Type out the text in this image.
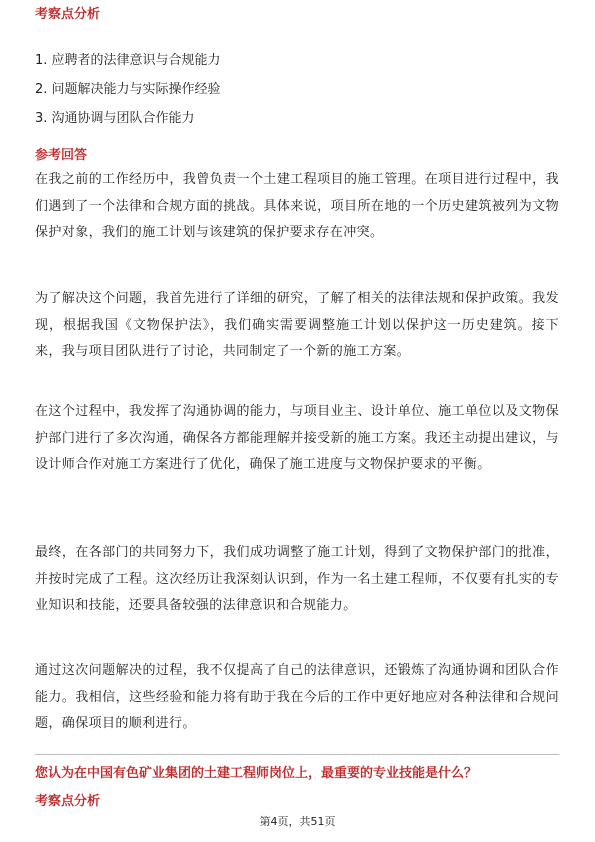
考察点分析
1. 应聘者的法律意识与合规能力
2. 问题解决能力与实际操作经验
3. 沟通协调与团队合作能力
参考回答
在我之前的工作经历中，我曾负责一个土建工程项目的施工管理。在项目进行过程中，我们遇到了一个法律和合规方面的挑战。具体来说，项目所在地的一个历史建筑被列为文物保护对象，我们的施工计划与该建筑的保护要求存在冲突。
为了解决这个问题，我首先进行了详细的研究，了解了相关的法律法规和保护政策。我发现，根据我国《文物保护法》，我们确实需要调整施工计划以保护这一历史建筑。接下来，我与项目团队进行了讨论，共同制定了一个新的施工方案。
在这个过程中，我发挥了沟通协调的能力，与项目业主、设计单位、施工单位以及文物保护部门进行了多次沟通，确保各方都能理解并接受新的施工方案。我还主动提出建议，与设计师合作对施工方案进行了优化，确保了施工进度与文物保护要求的平衡。
最终，在各部门的共同努力下，我们成功调整了施工计划，得到了文物保护部门的批准，并按时完成了工程。这次经历让我深刻认识到，作为一名土建工程师，不仅要有扎实的专业知识和技能，还要具备较强的法律意识和合规能力。
通过这次问题解决的过程，我不仅提高了自己的法律意识，还锻炼了沟通协调和团队合作能力。我相信，这些经验和能力将有助于我在今后的工作中更好地应对各种法律和合规问题，确保项目的顺利进行。
您认为在中国有色矿业集团的土建工程师岗位上，最重要的专业技能是什么？
考察点分析
第4页，共51页
